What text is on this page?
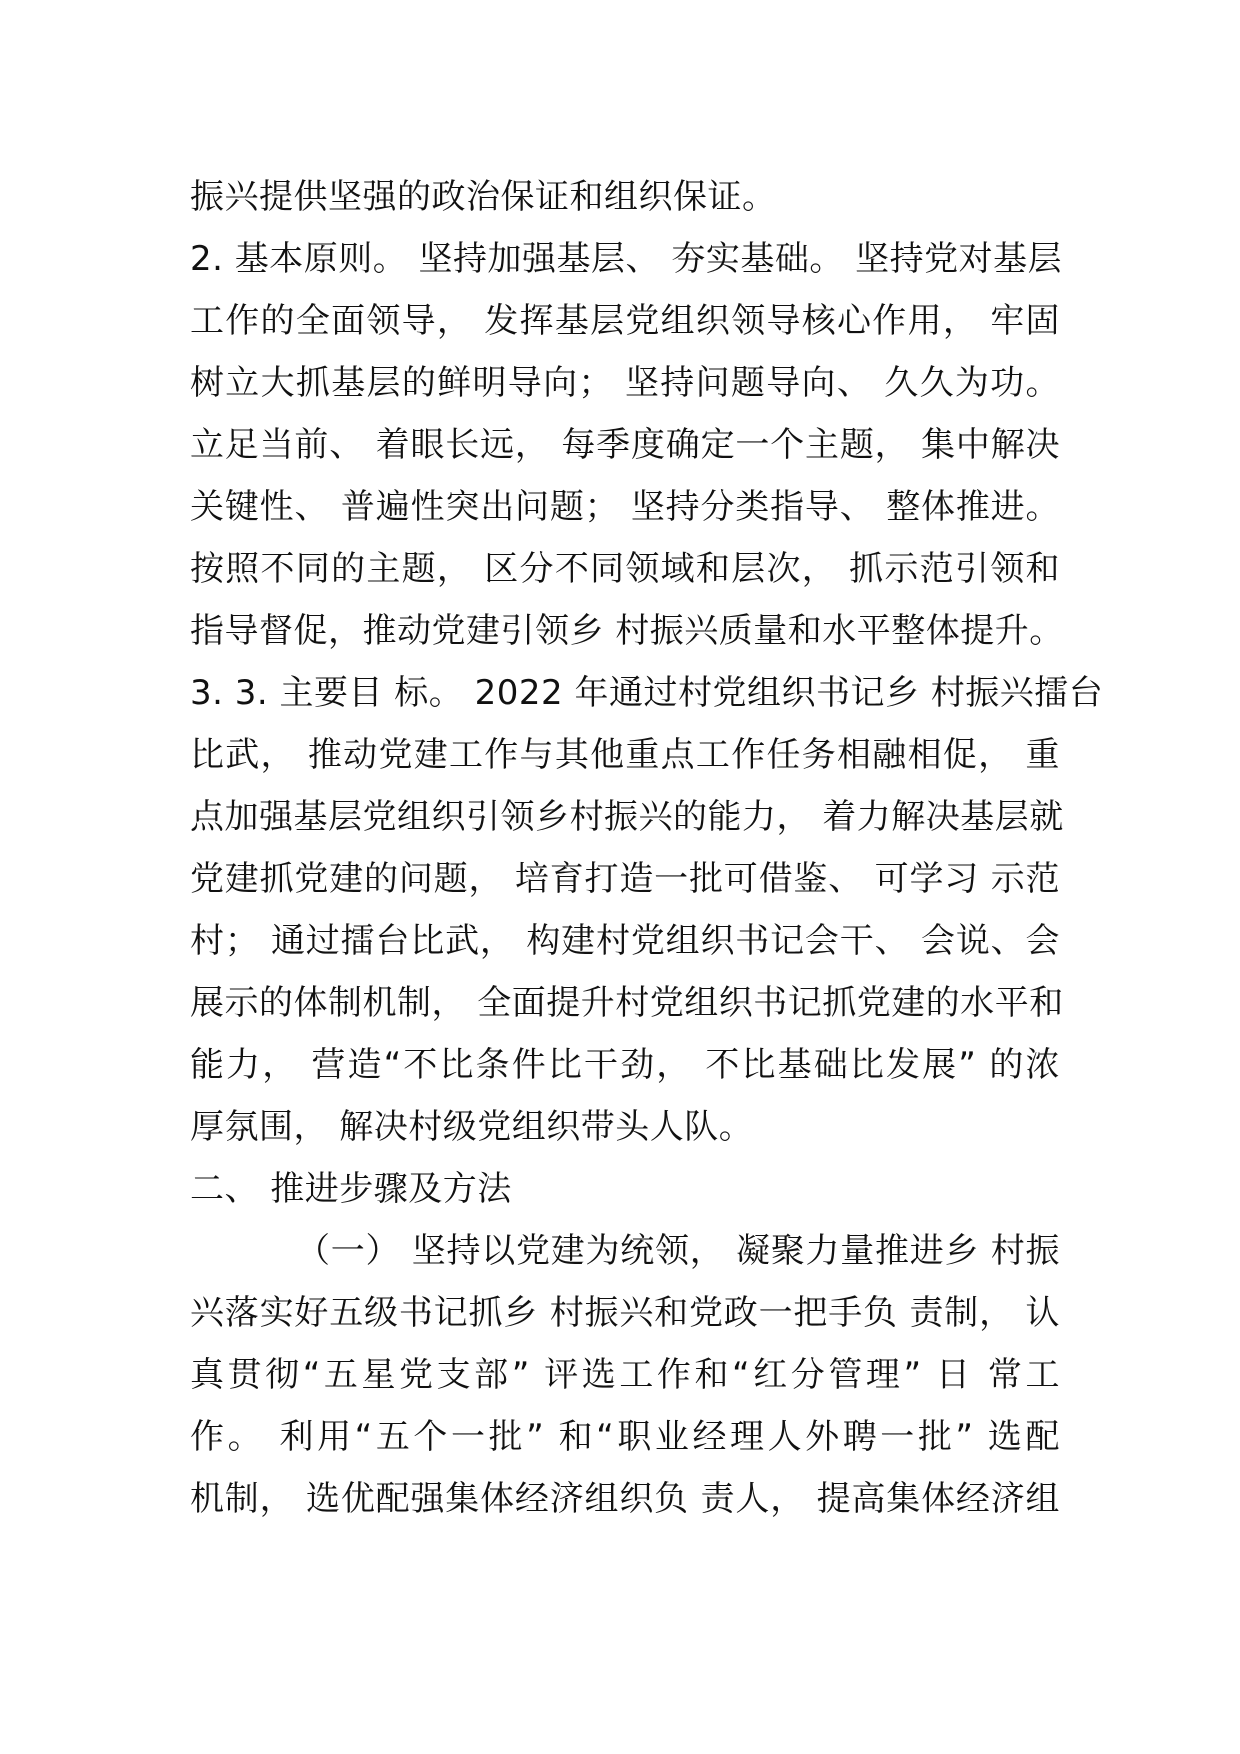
振兴提供坚强的政治保证和组织保证。
2. 基本原则。 坚持加强基层、 夯实基础。 坚持党对基层
工作的全面领导， 发挥基层党组织领导核心作用， 牢固
树立大抓基层的鲜明导向； 坚持问题导向、 久久为功。
立足当前、 着眼长远， 每季度确定一个主题， 集中解决
关键性、 普遍性突出问题； 坚持分类指导、 整体推进。
按照不同的主题， 区分不同领域和层次， 抓示范引领和
指导督促，推动党建引领乡 村振兴质量和水平整体提升。
3. 3. 主要目 标。 2022 年通过村党组织书记乡 村振兴擂台
比武， 推动党建工作与其他重点工作任务相融相促， 重
点加强基层党组织引领乡村振兴的能力， 着力解决基层就
党建抓党建的问题， 培育打造一批可借鉴、 可学习 示范
村； 通过擂台比武， 构建村党组织书记会干、 会说、会
展示的体制机制， 全面提升村党组织书记抓党建的水平和
能力， 营造“不比条件比干劲， 不比基础比发展” 的浓
厚氛围， 解决村级党组织带头人队。
二、 推进步骤及方法
（一） 坚持以党建为统领， 凝聚力量推进乡 村振
兴落实好五级书记抓乡 村振兴和党政一把手负 责制， 认
真贯彻“五星党支部” 评选工作和“红分管理” 日 常工
作。 利用“五个一批” 和“职业经理人外聘一批” 选配
机制， 选优配强集体经济组织负 责人， 提高集体经济组
